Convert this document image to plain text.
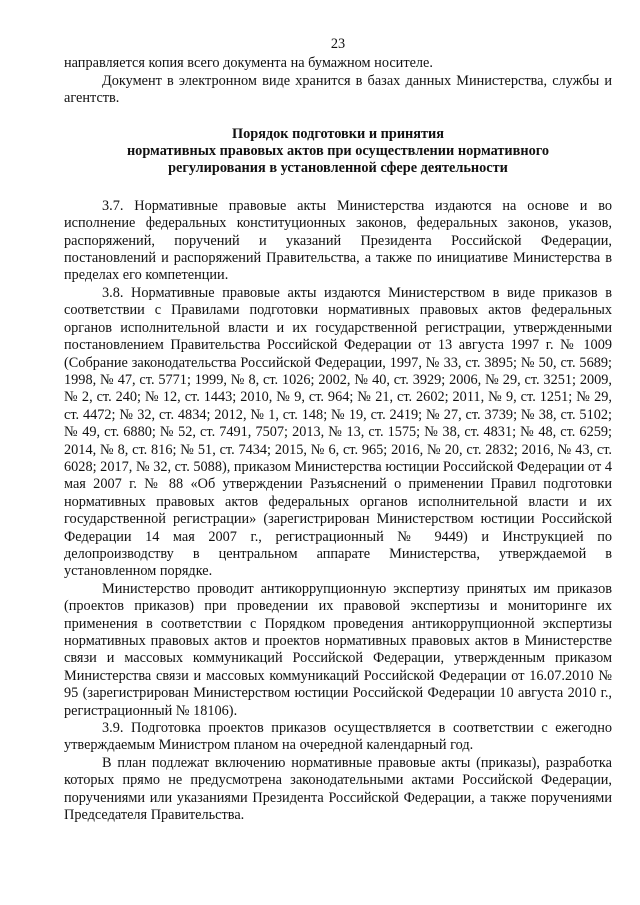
23

направляется копия всего документа на бумажном носителе.

Документ в электронном виде хранится в базах данных Министерства, службы и агентств.

Порядок подготовки и принятия
нормативных правовых актов при осуществлении нормативного
регулирования в установленной сфере деятельности

3.7. Нормативные правовые акты Министерства издаются на основе и во исполнение федеральных конституционных законов, федеральных законов, указов, распоряжений, поручений и указаний Президента Российской Федерации, постановлений и распоряжений Правительства, а также по инициативе Министерства в пределах его компетенции.

3.8. Нормативные правовые акты издаются Министерством в виде приказов в соответствии с Правилами подготовки нормативных правовых актов федеральных органов исполнительной власти и их государственной регистрации, утвержденными постановлением Правительства Российской Федерации от 13 августа 1997 г. № 1009 (Собрание законодательства Российской Федерации, 1997, № 33, ст. 3895; № 50, ст. 5689; 1998, № 47, ст. 5771; 1999, № 8, ст. 1026; 2002, № 40, ст. 3929; 2006, № 29, ст. 3251; 2009, № 2, ст. 240; № 12, ст. 1443; 2010, № 9, ст. 964; № 21, ст. 2602; 2011, № 9, ст. 1251; № 29, ст. 4472; № 32, ст. 4834; 2012, № 1, ст. 148; № 19, ст. 2419; № 27, ст. 3739; № 38, ст. 5102; № 49, ст. 6880; № 52, ст. 7491, 7507; 2013, № 13, ст. 1575; № 38, ст. 4831; № 48, ст. 6259; 2014, № 8, ст. 816; № 51, ст. 7434; 2015, № 6, ст. 965; 2016, № 20, ст. 2832; 2016, № 43, ст. 6028; 2017, № 32, ст. 5088), приказом Министерства юстиции Российской Федерации от 4 мая 2007 г. № 88 «Об утверждении Разъяснений о применении Правил подготовки нормативных правовых актов федеральных органов исполнительной власти и их государственной регистрации» (зарегистрирован Министерством юстиции Российской Федерации 14 мая 2007 г., регистрационный № 9449) и Инструкцией по делопроизводству в центральном аппарате Министерства, утверждаемой в установленном порядке.

Министерство проводит антикоррупционную экспертизу принятых им приказов (проектов приказов) при проведении их правовой экспертизы и мониторинге их применения в соответствии с Порядком проведения антикоррупционной экспертизы нормативных правовых актов и проектов нормативных правовых актов в Министерстве связи и массовых коммуникаций Российской Федерации, утвержденным приказом Министерства связи и массовых коммуникаций Российской Федерации от 16.07.2010 № 95 (зарегистрирован Министерством юстиции Российской Федерации 10 августа 2010 г., регистрационный № 18106).

3.9. Подготовка проектов приказов осуществляется в соответствии с ежегодно утверждаемым Министром планом на очередной календарный год.

В план подлежат включению нормативные правовые акты (приказы), разработка которых прямо не предусмотрена законодательными актами Российской Федерации, поручениями или указаниями Президента Российской Федерации, а также поручениями Председателя Правительства.
